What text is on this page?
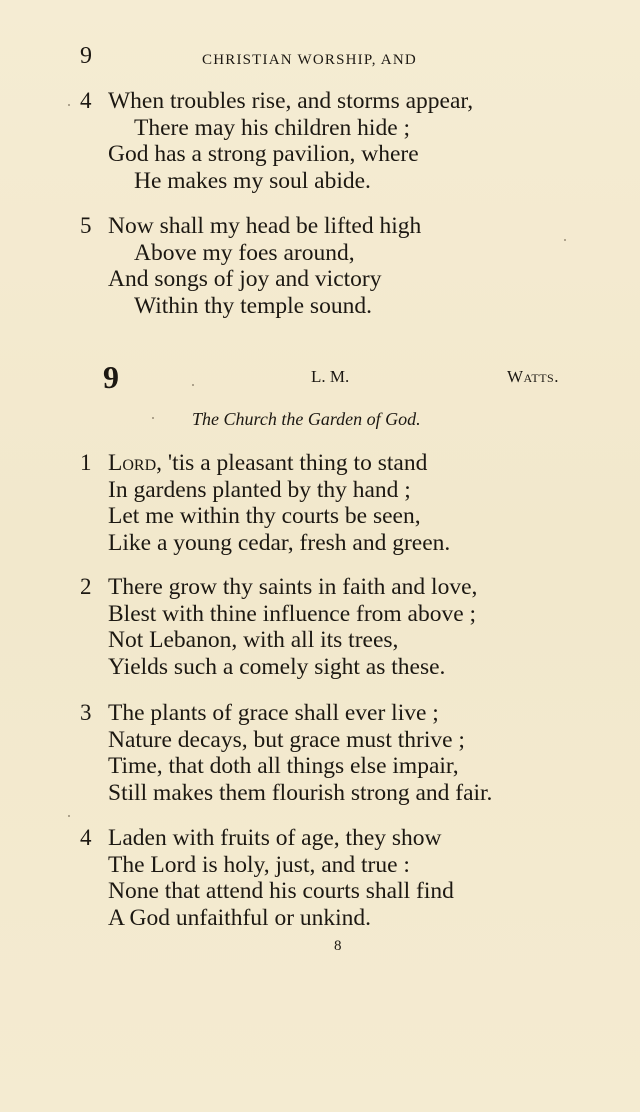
9	CHRISTIAN WORSHIP, AND
4 When troubles rise, and storms appear,
There may his children hide ;
God has a strong pavilion, where
He makes my soul abide.
5 Now shall my head be lifted high
Above my foes around,
And songs of joy and victory
Within thy temple sound.
9	L. M.	Watts.
The Church the Garden of God.
1 Lord, 'tis a pleasant thing to stand
In gardens planted by thy hand ;
Let me within thy courts be seen,
Like a young cedar, fresh and green.
2 There grow thy saints in faith and love,
Blest with thine influence from above ;
Not Lebanon, with all its trees,
Yields such a comely sight as these.
3 The plants of grace shall ever live ;
Nature decays, but grace must thrive ;
Time, that doth all things else impair,
Still makes them flourish strong and fair.
4 Laden with fruits of age, they show
The Lord is holy, just, and true :
None that attend his courts shall find
A God unfaithful or unkind.
8
